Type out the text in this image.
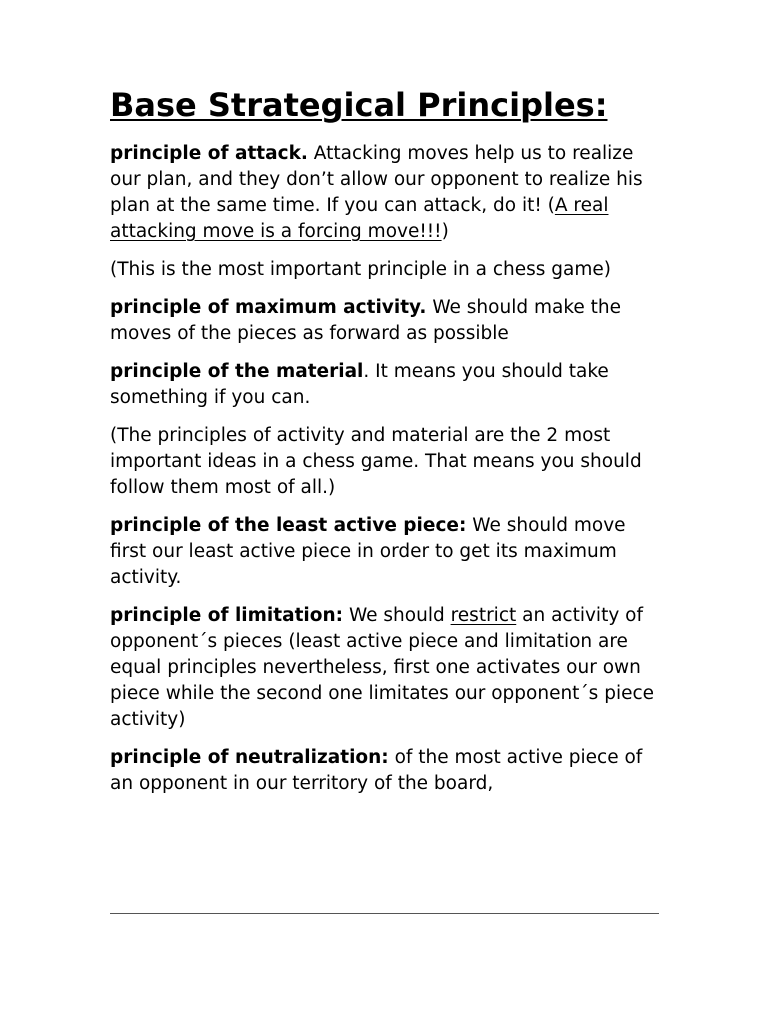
Base Strategical Principles:

principle of attack. Attacking moves help us to realize our plan, and they don’t allow our opponent to realize his plan at the same time. If you can attack, do it! (A real attacking move is a forcing move!!!)

(This is the most important principle in a chess game)

principle of maximum activity. We should make the moves of the pieces as forward as possible

principle of the material. It means you should take something if you can.

(The principles of activity and material are the 2 most important ideas in a chess game. That means you should follow them most of all.)

principle of the least active piece: We should move first our least active piece in order to get its maximum activity.

principle of limitation: We should restrict an activity of opponent´s pieces (least active piece and limitation are equal principles nevertheless, first one activates our own piece while the second one limitates our opponent´s piece activity)

principle of neutralization: of the most active piece of an opponent in our territory of the board,
